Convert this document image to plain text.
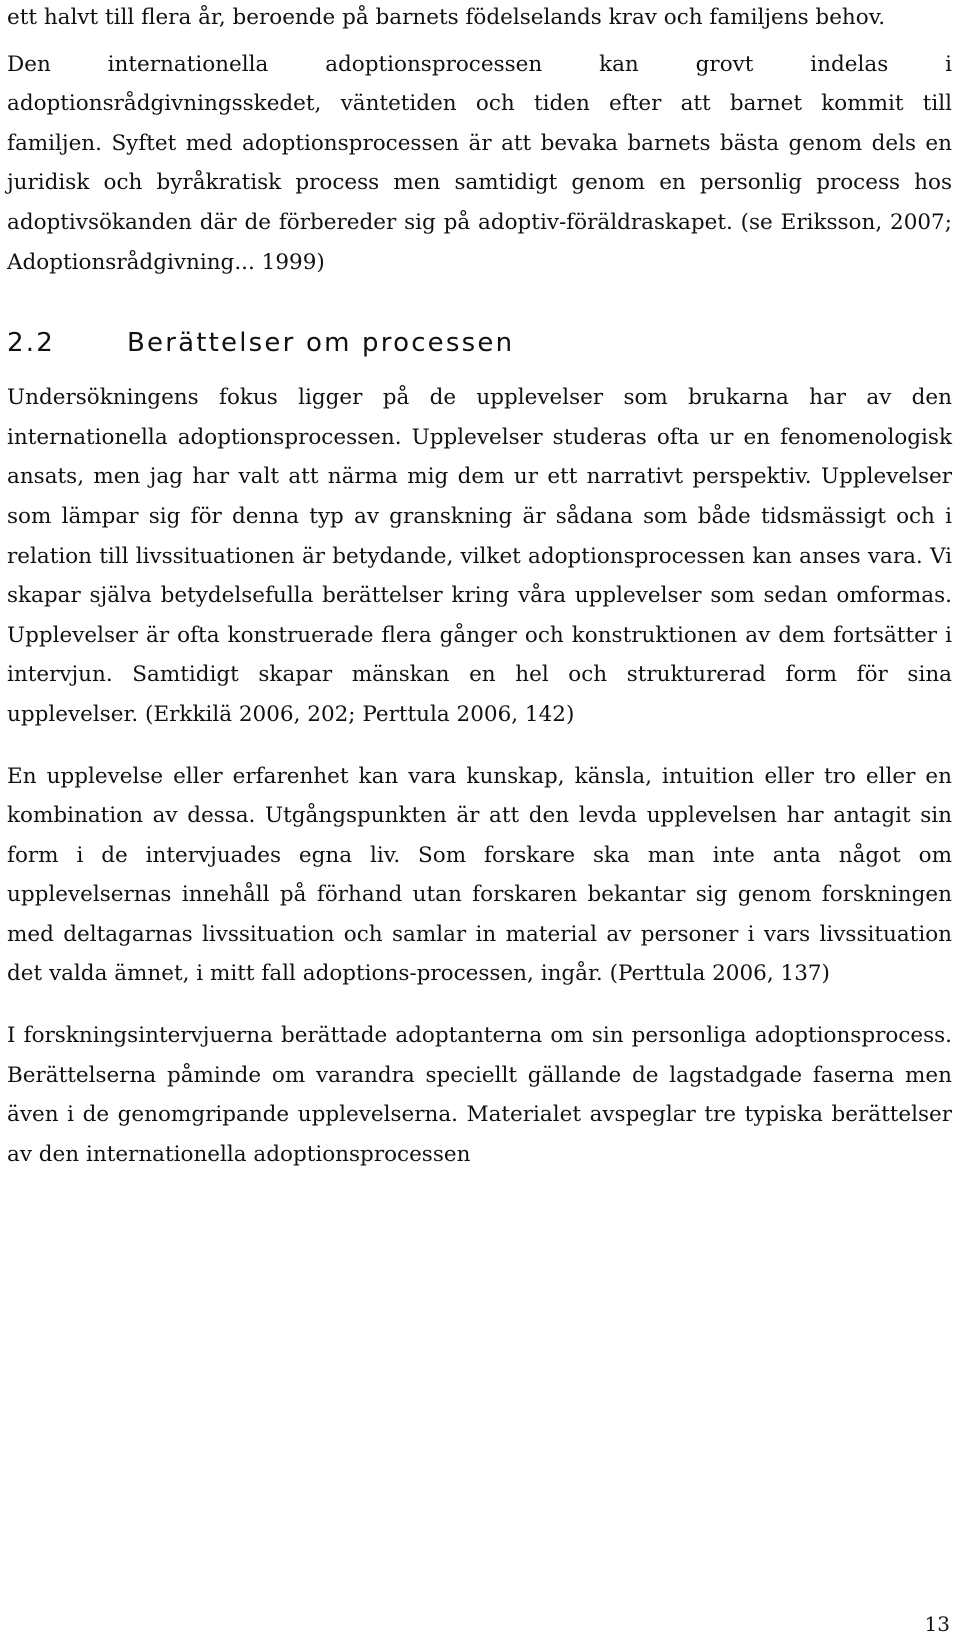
ett halvt till flera år, beroende på barnets födelselands krav och familjens behov.

Den internationella adoptionsprocessen kan grovt indelas i adoptionsrådgivningsskedet, väntetiden och tiden efter att barnet kommit till familjen. Syftet med adoptionsprocessen är att bevaka barnets bästa genom dels en juridisk och byråkratisk process men samtidigt genom en personlig process hos adoptivsökanden där de förbereder sig på adoptiv-föräldraskapet. (se Eriksson, 2007; Adoptionsrådgivning... 1999)

2.2	Berättelser om processen

Undersökningens fokus ligger på de upplevelser som brukarna har av den internationella adoptionsprocessen. Upplevelser studeras ofta ur en fenomenologisk ansats, men jag har valt att närma mig dem ur ett narrativt perspektiv. Upplevelser som lämpar sig för denna typ av granskning är sådana som både tidsmässigt och i relation till livssituationen är betydande, vilket adoptionsprocessen kan anses vara. Vi skapar själva betydelsefulla berättelser kring våra upplevelser som sedan omformas. Upplevelser är ofta konstruerade flera gånger och konstruktionen av dem fortsätter i intervjun. Samtidigt skapar mänskan en hel och strukturerad form för sina upplevelser. (Erkkilä 2006, 202; Perttula 2006, 142)

En upplevelse eller erfarenhet kan vara kunskap, känsla, intuition eller tro eller en kombination av dessa. Utgångspunkten är att den levda upplevelsen har antagit sin form i de intervjuades egna liv. Som forskare ska man inte anta något om upplevelsernas innehåll på förhand utan forskaren bekantar sig genom forskningen med deltagarnas livssituation och samlar in material av personer i vars livssituation det valda ämnet, i mitt fall adoptions-processen, ingår. (Perttula 2006, 137)

I forskningsintervjuerna berättade adoptanterna om sin personliga adoptionsprocess. Berättelserna påminde om varandra speciellt gällande de lagstadgade faserna men även i de genomgripande upplevelserna. Materialet avspeglar tre typiska berättelser av den internationella adoptionsprocessen

13
